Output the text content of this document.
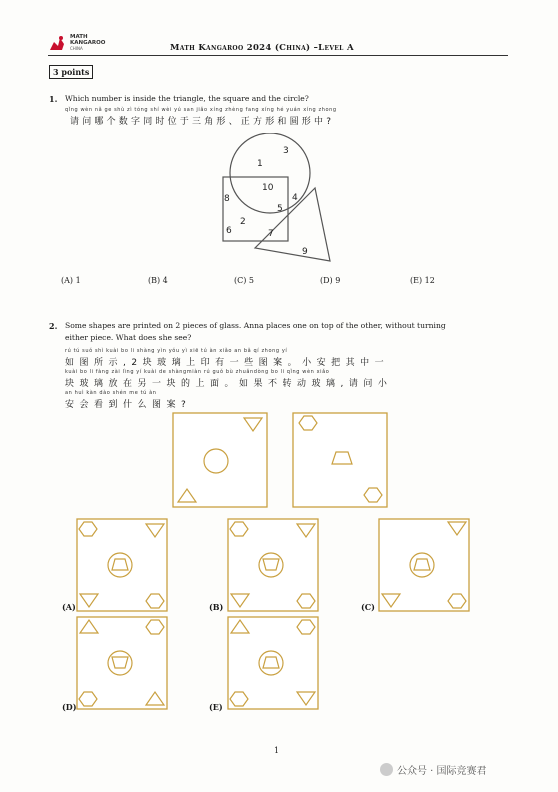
MATH
KANGAROO
CHINA	Math Kangaroo 2024 (China) –Level A
3 points
1. Which number is inside the triangle, the square and the circle?
qǐng wèn nǎ ge shù zì tóng shí wèi yú san jiǎo xíng zhèng fang xíng hé yuán xíng zhong
请问哪个数字同时位于三角形、正方形和圆形中?
1
3
10
8	4
5
2
6	7
9
(A) 1	(B) 4	(C) 5	(D) 9	(E) 12
2. Some shapes are printed on 2 pieces of glass. Anna places one on top of the other, without turning
either piece. What does she see?
rú tú suǒ shì kuài bo li shàng yìn yǒu yì xiē tú àn xiǎo an bǎ qí zhong yí
如图所示,2块玻璃上印有一些图案。小安把其中一
kuài bo li fàng zài lìng yí kuài de shàngmiàn rú guǒ bù zhuǎndòng bo li qǐng wèn xiǎo
块玻璃放在另一块的上面。如果不转动玻璃,请问小
an huì kàn dào shén me tú àn
安会看到什么图案?
(A)	(B)	(C)
(D)	(E)
1
公众号 · 国际竞赛君
